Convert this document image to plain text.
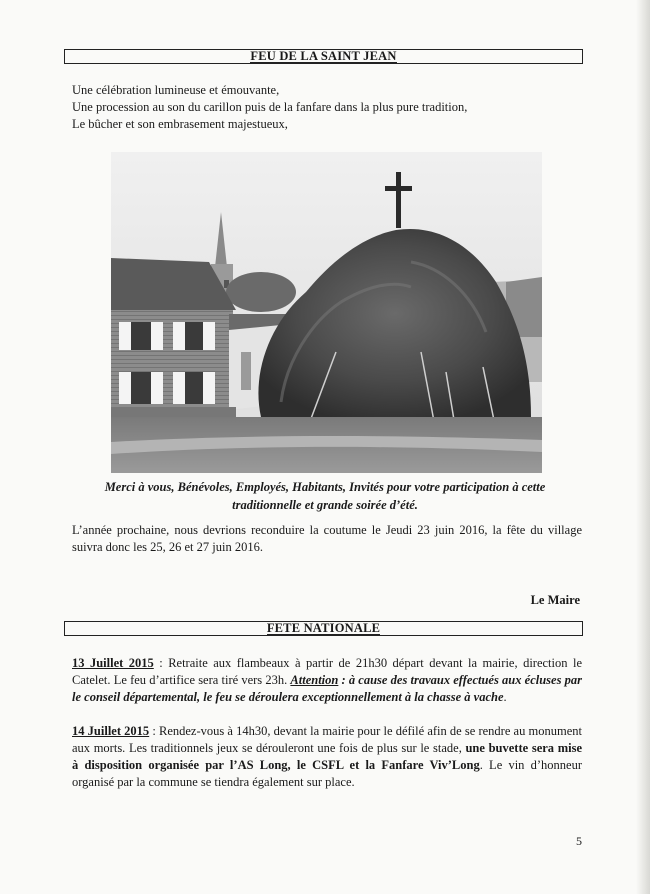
FEU DE LA SAINT JEAN
Une célébration lumineuse et émouvante,
Une procession au son du carillon puis de la fanfare dans la plus pure tradition,
Le bûcher et son embrasement majestueux,
Merci à vous, Bénévoles, Employés, Habitants, Invités pour votre participation à cette
traditionnelle et grande soirée d’été.
L’année prochaine, nous devrions reconduire la coutume le Jeudi 23 juin 2016, la fête du village suivra donc les 25, 26 et 27 juin 2016.
Le Maire
FETE NATIONALE
13 Juillet 2015 : Retraite aux flambeaux à partir de 21h30 départ devant la mairie, direction le Catelet. Le feu d’artifice sera tiré vers 23h. Attention : à cause des travaux effectués aux écluses par le conseil départemental, le feu se déroulera exceptionnellement à la chasse à vache.
14 Juillet 2015 : Rendez-vous à 14h30, devant la mairie pour le défilé afin de se rendre au monument aux morts. Les traditionnels jeux se dérouleront une fois de plus sur le stade, une buvette sera mise à disposition organisée par l’AS Long, le CSFL et la Fanfare Viv’Long. Le vin d’honneur organisé par la commune se tiendra également sur place.
5
